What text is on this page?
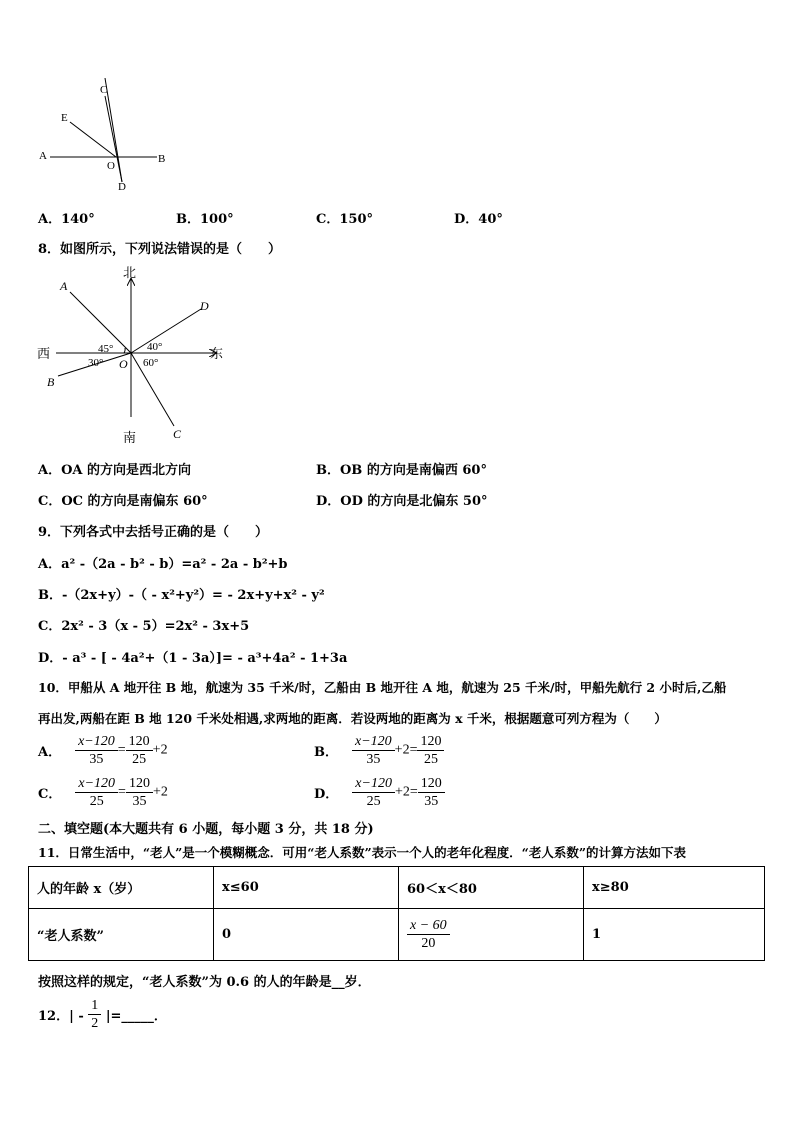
C
E
A
O
B
D
A．140°	B．100°	C．150°	D．40°
8．如图所示，下列说法错误的是（　　）
北
南
西	东
A
B
C
D
O
45°	40°
30°	60°
A．OA 的方向是西北方向	B．OB 的方向是南偏西 60°
C．OC 的方向是南偏东 60°	D．OD 的方向是北偏东 50°
9．下列各式中去括号正确的是（　　）
A．a² -（2a - b² - b）=a² - 2a - b²+b
B．-（2x+y）-（ - x²+y²）= - 2x+y+x² - y²
C．2x² - 3（x - 5）=2x² - 3x+5
D．- a³ - [ - 4a²+（1 - 3a）]= - a³+4a² - 1+3a
10．甲船从 A 地开往 B 地，航速为 35 千米/时，乙船由 B 地开往 A 地，航速为 25 千米/时，甲船先航行 2 小时后,乙船
再出发,两船在距 B 地 120 千米处相遇,求两地的距离．若设两地的距离为 x 千米，根据题意可列方程为（　　）
A． $\frac{x-120}{35} = \frac{120}{25} +2$	B． $\frac{x-120}{35} +2= \frac{120}{25}$
C． $\frac{x-120}{25} = \frac{120}{35} +2$	D． $\frac{x-120}{25} +2= \frac{120}{35}$
二、填空题(本大题共有 6 小题，每小题 3 分，共 18 分)
11．日常生活中，“老人”是一个模糊概念．可用“老人系数”表示一个人的老年化程度．“老人系数”的计算方法如下表
人的年龄 x（岁）	x≤60	60＜x＜80	x≥80
“老人系数”	0	$\frac{x - 60}{20}$	1
按照这样的规定，“老人系数”为 0.6 的人的年龄是__岁．
12．| - $\frac{1}{2}$ |=_____．
